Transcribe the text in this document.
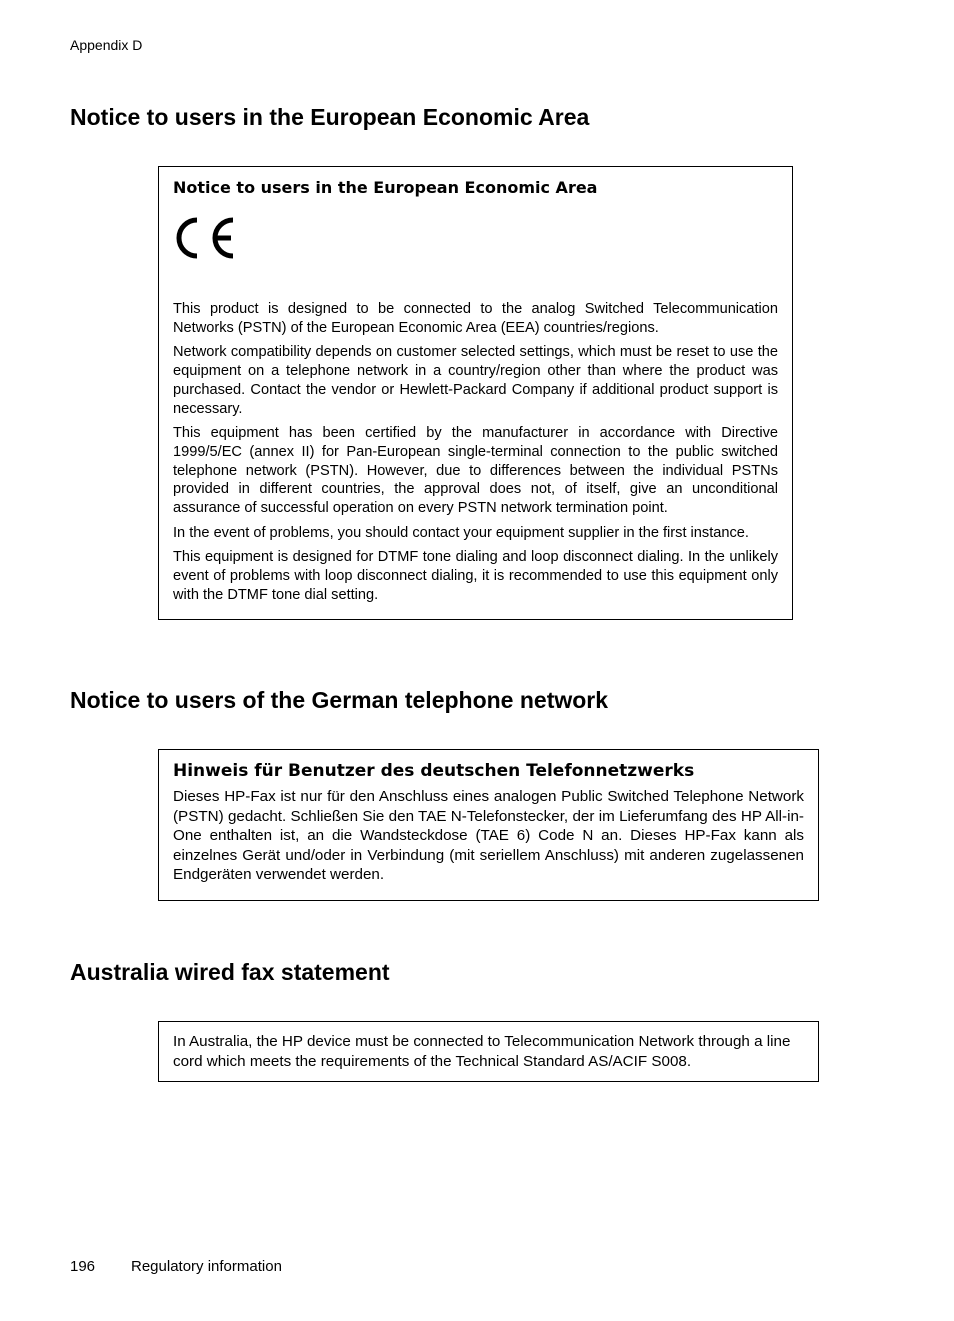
Appendix D
Notice to users in the European Economic Area
Notice to users in the European Economic Area

This product is designed to be connected to the analog Switched Telecommunication Networks (PSTN) of the European Economic Area (EEA) countries/regions.

Network compatibility depends on customer selected settings, which must be reset to use the equipment on a telephone network in a country/region other than where the product was purchased. Contact the vendor or Hewlett-Packard Company if additional product support is necessary.

This equipment has been certified by the manufacturer in accordance with Directive 1999/5/EC (annex II) for Pan-European single-terminal connection to the public switched telephone network (PSTN). However, due to differences between the individual PSTNs provided in different countries, the approval does not, of itself, give an unconditional assurance of successful operation on every PSTN network termination point.

In the event of problems, you should contact your equipment supplier in the first instance.

This equipment is designed for DTMF tone dialing and loop disconnect dialing. In the unlikely event of problems with loop disconnect dialing, it is recommended to use this equipment only with the DTMF tone dial setting.

Notice to users of the German telephone network
Hinweis für Benutzer des deutschen Telefonnetzwerks

Dieses HP-Fax ist nur für den Anschluss eines analogen Public Switched Telephone Network (PSTN) gedacht. Schließen Sie den TAE N-Telefonstecker, der im Lieferumfang des HP All-in-One enthalten ist, an die Wandsteckdose (TAE 6) Code N an. Dieses HP-Fax kann als einzelnes Gerät und/oder in Verbindung (mit seriellem Anschluss) mit anderen zugelassenen Endgeräten verwendet werden.

Australia wired fax statement

In Australia, the HP device must be connected to Telecommunication Network through a line cord which meets the requirements of the Technical Standard AS/ACIF S008.

196 Regulatory information
